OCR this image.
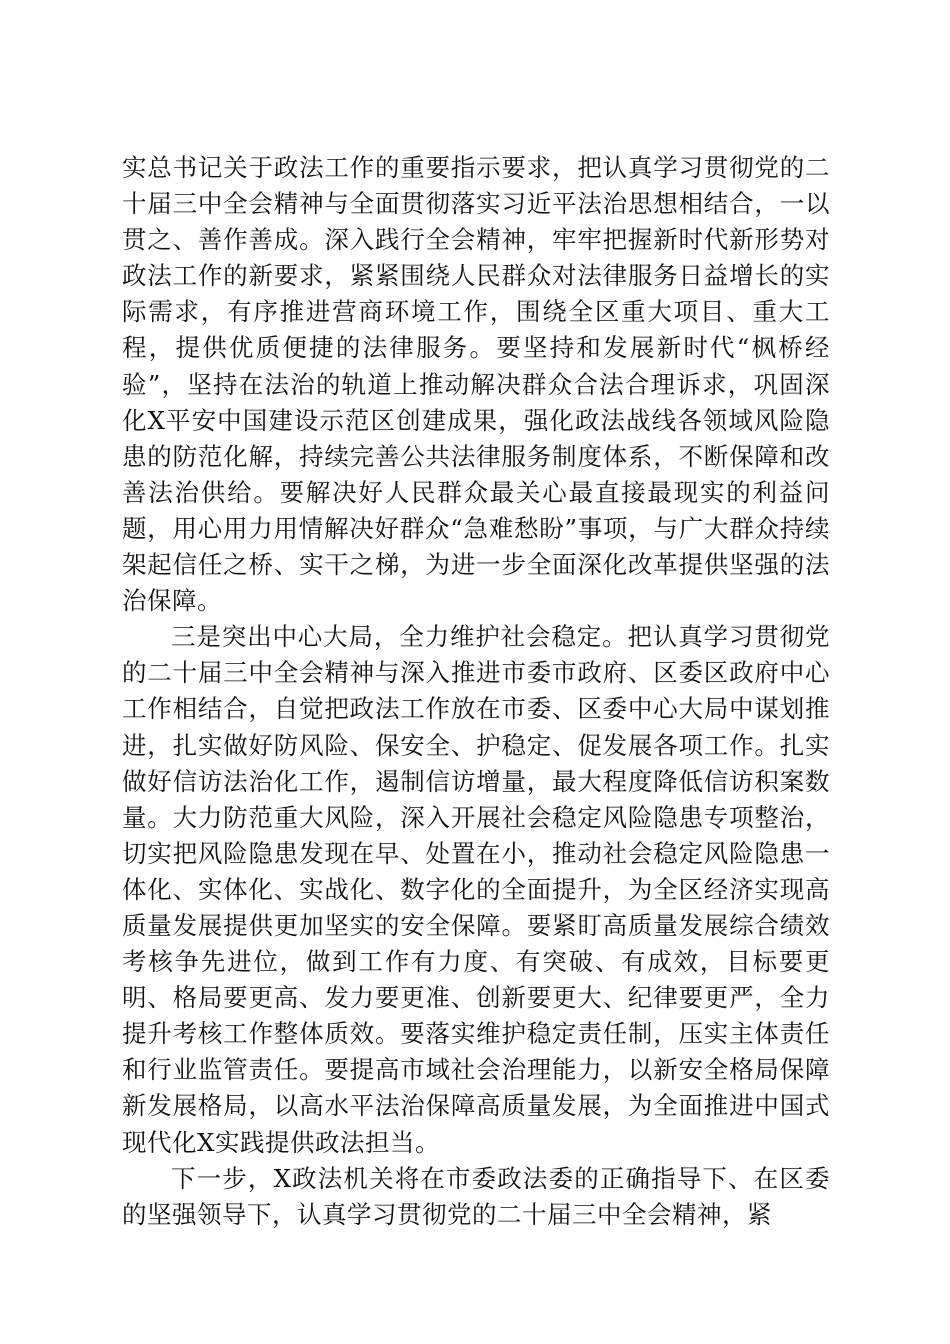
实总书记关于政法工作的重要指示要求，把认真学习贯彻党的二十届三中全会精神与全面贯彻落实习近平法治思想相结合，一以贯之、善作善成。深入践行全会精神，牢牢把握新时代新形势对政法工作的新要求，紧紧围绕人民群众对法律服务日益增长的实际需求，有序推进营商环境工作，围绕全区重大项目、重大工程，提供优质便捷的法律服务。要坚持和发展新时代“枫桥经验”，坚持在法治的轨道上推动解决群众合法合理诉求，巩固深化X平安中国建设示范区创建成果，强化政法战线各领域风险隐患的防范化解，持续完善公共法律服务制度体系，不断保障和改善法治供给。要解决好人民群众最关心最直接最现实的利益问题，用心用力用情解决好群众“急难愁盼”事项，与广大群众持续架起信任之桥、实干之梯，为进一步全面深化改革提供坚强的法治保障。

三是突出中心大局，全力维护社会稳定。把认真学习贯彻党的二十届三中全会精神与深入推进市委市政府、区委区政府中心工作相结合，自觉把政法工作放在市委、区委中心大局中谋划推进，扎实做好防风险、保安全、护稳定、促发展各项工作。扎实做好信访法治化工作，遏制信访增量，最大程度降低信访积案数量。大力防范重大风险，深入开展社会稳定风险隐患专项整治，切实把风险隐患发现在早、处置在小，推动社会稳定风险隐患一体化、实体化、实战化、数字化的全面提升，为全区经济实现高质量发展提供更加坚实的安全保障。要紧盯高质量发展综合绩效考核争先进位，做到工作有力度、有突破、有成效，目标要更明、格局要更高、发力要更准、创新要更大、纪律要更严，全力提升考核工作整体质效。要落实维护稳定责任制，压实主体责任和行业监管责任。要提高市域社会治理能力，以新安全格局保障新发展格局，以高水平法治保障高质量发展，为全面推进中国式现代化X实践提供政法担当。

下一步，X政法机关将在市委政法委的正确指导下、在区委的坚强领导下，认真学习贯彻党的二十届三中全会精神，紧
